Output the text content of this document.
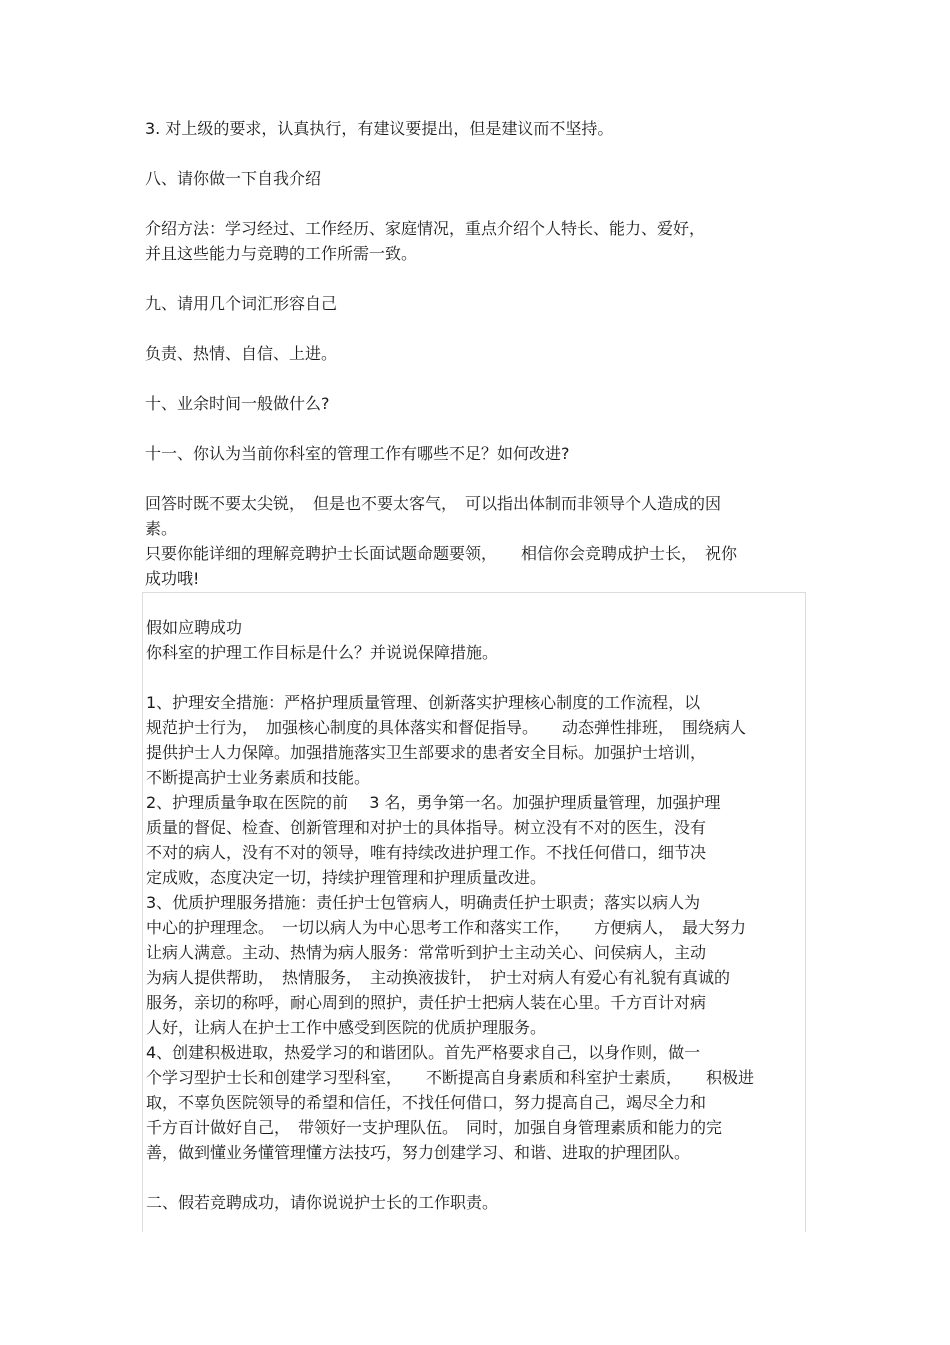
3. 对上级的要求，认真执行，有建议要提出，但是建议而不坚持。
八、请你做一下自我介绍
介绍方法：学习经过、工作经历、家庭情况，重点介绍个人特长、能力、爱好，
并且这些能力与竞聘的工作所需一致。
九、请用几个词汇形容自己
负责、热情、自信、上进。
十、业余时间一般做什么?
十一、你认为当前你科室的管理工作有哪些不足？如何改进?
回答时既不要太尖锐，　但是也不要太客气，　可以指出体制而非领导个人造成的因
素。
只要你能详细的理解竞聘护士长面试题命题要领，　　相信你会竞聘成护士长，　祝你
成功哦!
假如应聘成功
你科室的护理工作目标是什么？并说说保障措施。
1、护理安全措施：严格护理质量管理、创新落实护理核心制度的工作流程，以
规范护士行为，　加强核心制度的具体落实和督促指导。　　动态弹性排班，　围绕病人
提供护士人力保障。加强措施落实卫生部要求的患者安全目标。加强护士培训，
不断提高护士业务素质和技能。
2、护理质量争取在医院的前　 3 名，勇争第一名。加强护理质量管理，加强护理
质量的督促、检查、创新管理和对护士的具体指导。树立没有不对的医生，没有
不对的病人，没有不对的领导，唯有持续改进护理工作。不找任何借口，细节决
定成败，态度决定一切，持续护理管理和护理质量改进。
3、优质护理服务措施：责任护士包管病人，明确责任护士职责；落实以病人为
中心的护理理念。　一切以病人为中心思考工作和落实工作，　　方便病人，　最大努力
让病人满意。主动、热情为病人服务：常常听到护士主动关心、问侯病人，主动
为病人提供帮助，　热情服务，　主动换液拔针，　护士对病人有爱心有礼貌有真诚的
服务，亲切的称呼，耐心周到的照护，责任护士把病人装在心里。千方百计对病
人好，让病人在护士工作中感受到医院的优质护理服务。
4、创建积极进取，热爱学习的和谐团队。首先严格要求自己，以身作则，做一
个学习型护士长和创建学习型科室，　　不断提高自身素质和科室护士素质，　　积极进
取，不辜负医院领导的希望和信任，不找任何借口，努力提高自己，竭尽全力和
千方百计做好自己，　带领好一支护理队伍。　同时，加强自身管理素质和能力的完
善，做到懂业务懂管理懂方法技巧，努力创建学习、和谐、进取的护理团队。
二、假若竞聘成功，请你说说护士长的工作职责。
